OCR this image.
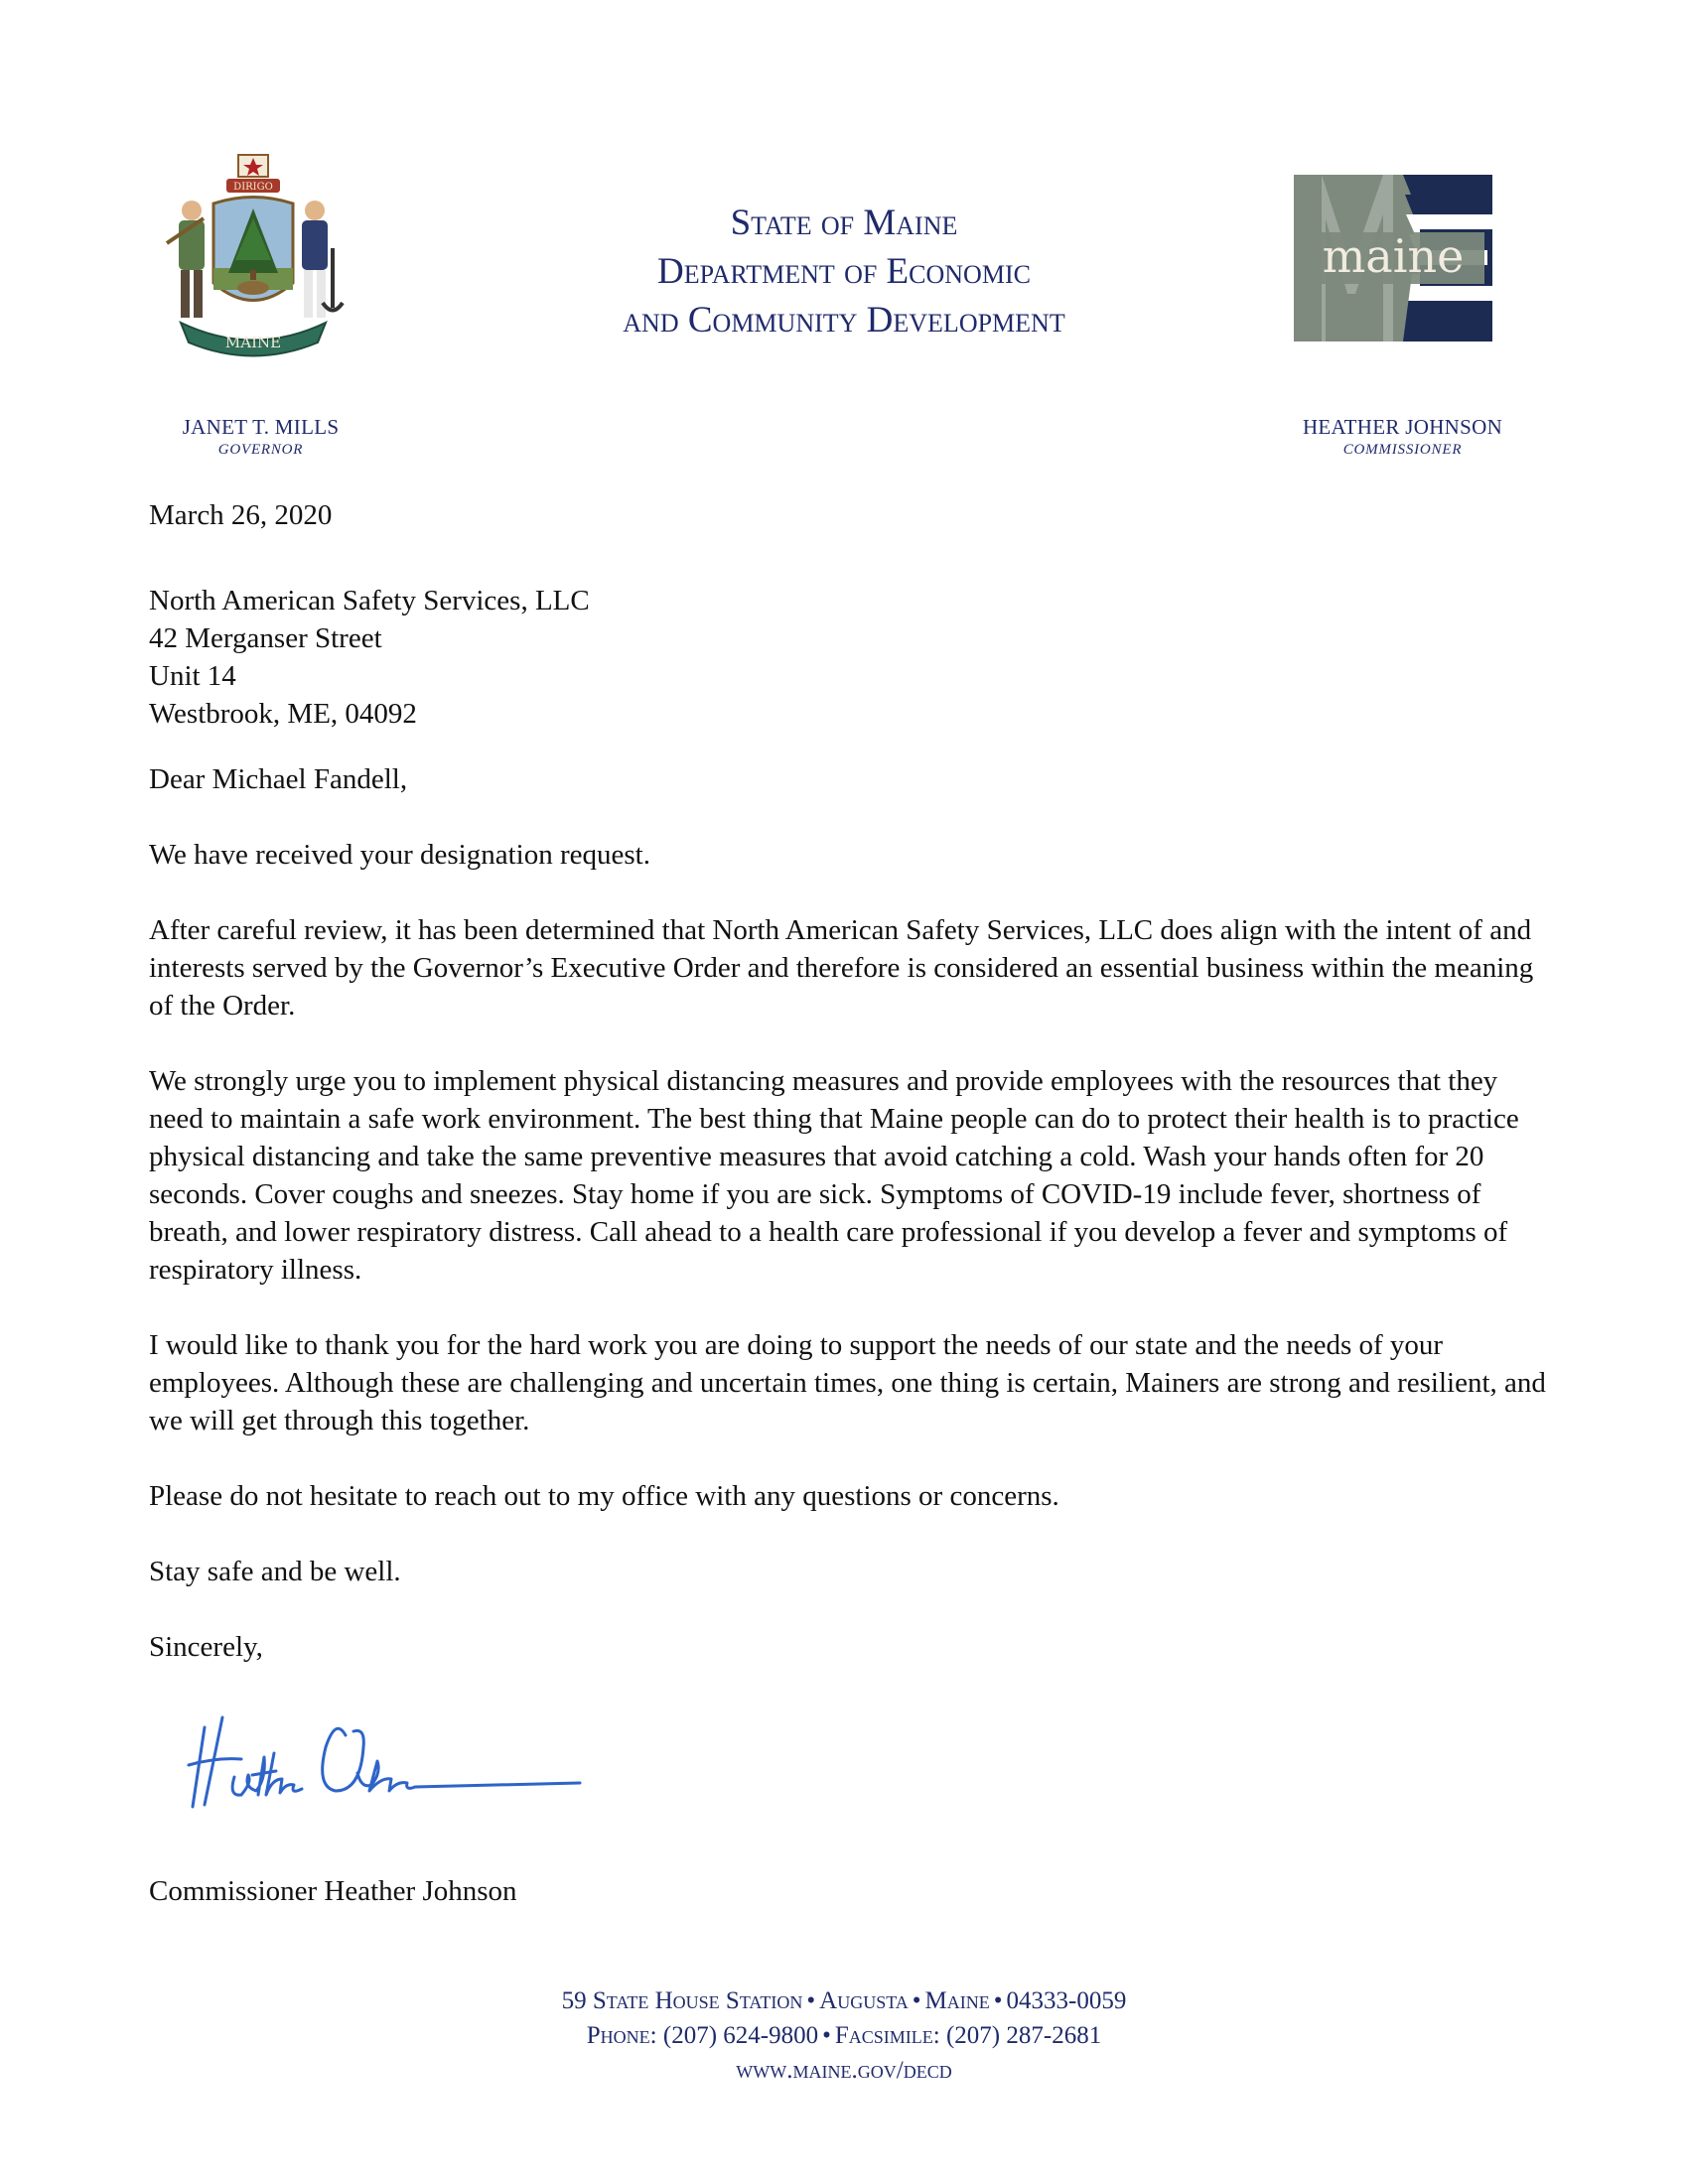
DIRIGO
MAINE
State of Maine
Department of Economic
and Community Development
maine
JANET T. MILLS
GOVERNOR
HEATHER JOHNSON
COMMISSIONER

March 26, 2020

Dear Michael Fandell,

We have received your designation request.

After careful review, it has been determined that North American Safety Services, LLC does align with the intent of and interests served by the Governor’s Executive Order and therefore is considered an essential business within the meaning of the Order.

We strongly urge you to implement physical distancing measures and provide employees with the resources that they need to maintain a safe work environment. The best thing that Maine people can do to protect their health is to practice physical distancing and take the same preventive measures that avoid catching a cold. Wash your hands often for 20 seconds. Cover coughs and sneezes. Stay home if you are sick. Symptoms of COVID-19 include fever, shortness of breath, and lower respiratory distress. Call ahead to a health care professional if you develop a fever and symptoms of respiratory illness.

I would like to thank you for the hard work you are doing to support the needs of our state and the needs of your employees. Although these are challenging and uncertain times, one thing is certain, Mainers are strong and resilient, and we will get through this together.

Please do not hesitate to reach out to my office with any questions or concerns.

Stay safe and be well.

Sincerely,

North American Safety Services, LLC
42 Merganser Street
Unit 14
Westbrook, ME, 04092
Commissioner Heather Johnson
59 State House Station • Augusta • Maine • 04333-0059
Phone: (207) 624-9800 • Facsimile: (207) 287-2681
www.maine.gov/decd
